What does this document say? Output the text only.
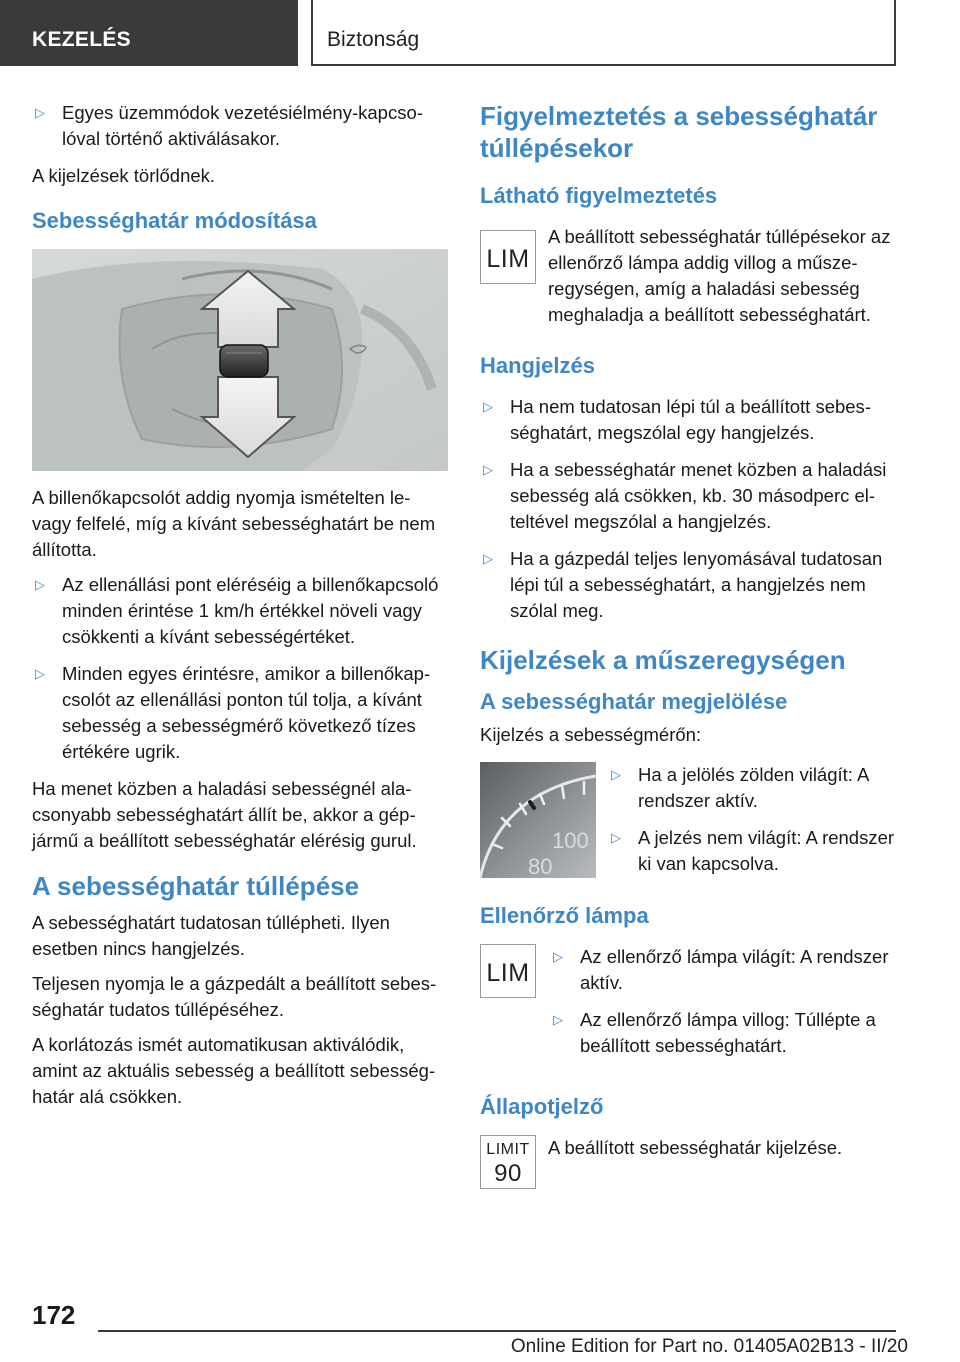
KEZELÉS	Biztonság
▷ Egyes üzemmódok vezetésiélmény-kapcsolóval történő aktiválásakor.

A kijelzések törlődnek.

Sebességhatár módosítása

A billenőkapcsolót addig nyomja ismételten le- vagy felfelé, míg a kívánt sebességhatárt be nem állította.

▷ Az ellenállási pont eléréséig a billenőkapcsoló minden érintése 1 km/h értékkel növeli vagy csökkenti a kívánt sebességértéket.
▷ Minden egyes érintésre, amikor a billenőkapcsolót az ellenállási ponton túl tolja, a kívánt sebesség a sebességmérő következő tízes értékére ugrik.

Ha menet közben a haladási sebességnél alacsonyabb sebességhatárt állít be, akkor a gépjármű a beállított sebességhatár elérésig gurul.

A sebességhatár túllépése

A sebességhatárt tudatosan túllépheti. Ilyen esetben nincs hangjelzés.

Teljesen nyomja le a gázpedált a beállított sebességhatár tudatos túllépéséhez.

A korlátozás ismét automatikusan aktiválódik, amint az aktuális sebesség a beállított sebességhatár alá csökken.

Figyelmeztetés a sebességhatár túllépésekor
Látható figyelmeztetés
LIM
A beállított sebességhatár túllépésekor az ellenőrző lámpa addig villog a műszeregységen, amíg a haladási sebesség meghaladja a beállított sebességhatárt.
Hangjelzés
▷ Ha nem tudatosan lépi túl a beállított sebességhatárt, megszólal egy hangjelzés.
▷ Ha a sebességhatár menet közben a haladási sebesség alá csökken, kb. 30 másodperc elteltével megszólal a hangjelzés.
▷ Ha a gázpedál teljes lenyomásával tudatosan lépi túl a sebességhatárt, a hangjelzés nem szólal meg.
Kijelzések a műszeregységen
A sebességhatár megjelölése

Kijelzés a sebességmérőn:

100
80
▷ Ha a jelölés zölden világít: A rendszer aktív.
▷ A jelzés nem világít: A rendszer ki van kapcsolva.
Ellenőrző lámpa
LIM
▷ Az ellenőrző lámpa világít: A rendszer aktív.
▷ Az ellenőrző lámpa villog: Túllépte a beállított sebességhatárt.
Állapotjelző
LIMIT
90
A beállított sebességhatár kijelzése.
172
Online Edition for Part no. 01405A02B13 - II/20
